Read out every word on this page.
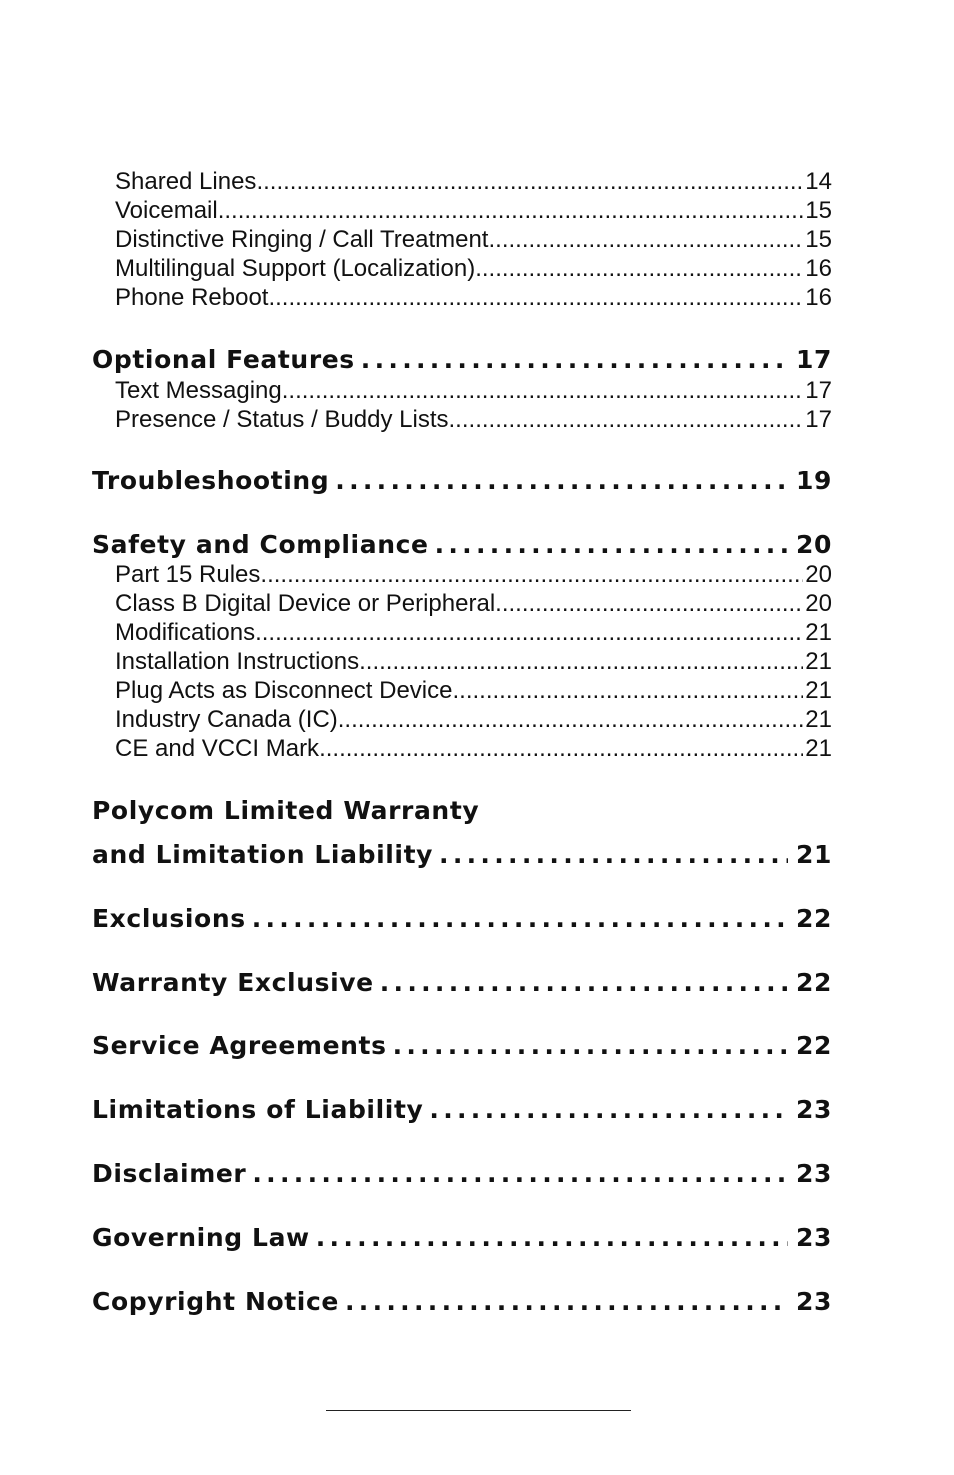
Shared Lines .....	14
Voicemail .....	15
Distinctive Ringing / Call Treatment .....	15
Multilingual Support (Localization) .....	16
Phone Reboot .....	16
Optional Features . . .	17
Text Messaging .....	17
Presence / Status / Buddy Lists .....	17
Troubleshooting . . .	19
Safety and Compliance . . .	20
Part 15 Rules .....	20
Class B Digital Device or Peripheral .....	20
Modifications .....	21
Installation Instructions .....	21
Plug Acts as Disconnect Device .....	21
Industry Canada (IC) .....	21
CE and VCCI Mark .....	21
Polycom Limited Warranty
and Limitation Liability . . .	21
Exclusions . . .	22
Warranty Exclusive . . .	22
Service Agreements . . .	22
Limitations of Liability . . .	23
Disclaimer . . .	23
Governing Law . . .	23
Copyright Notice . . .	23
